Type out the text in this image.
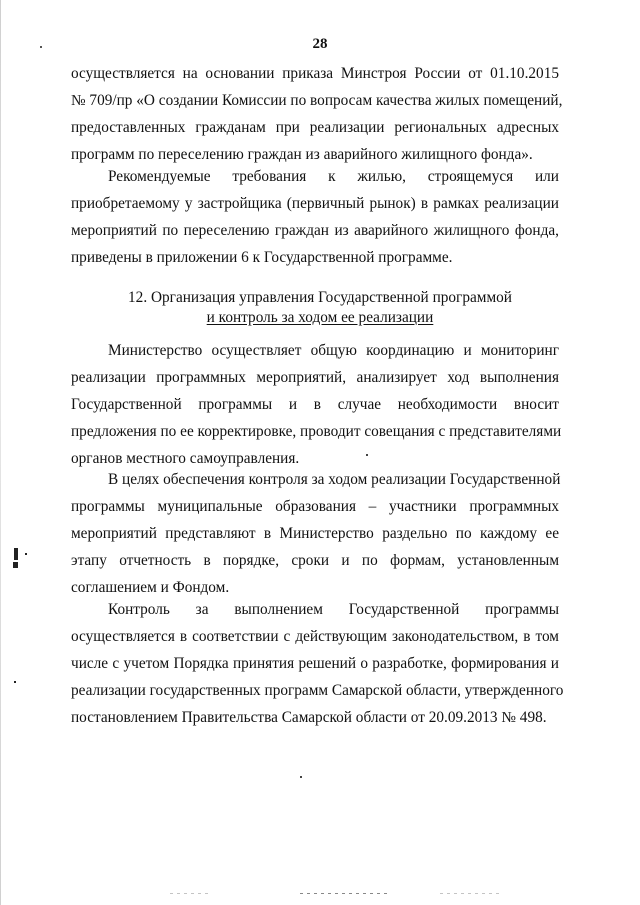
28
осуществляется на основании приказа Минстроя России от 01.10.2015
№ 709/пр «О создании Комиссии по вопросам качества жилых помещений,
предоставленных гражданам при реализации региональных адресных
программ по переселению граждан из аварийного жилищного фонда».
Рекомендуемые требования к жилью, строящемуся или
приобретаемому у застройщика (первичный рынок) в рамках реализации
мероприятий по переселению граждан из аварийного жилищного фонда,
приведены в приложении 6 к Государственной программе.
12. Организация управления Государственной программой
и контроль за ходом ее реализации
Министерство осуществляет общую координацию и мониторинг
реализации программных мероприятий, анализирует ход выполнения
Государственной программы и в случае необходимости вносит
предложения по ее корректировке, проводит совещания с представителями
органов местного самоуправления.
В целях обеспечения контроля за ходом реализации Государственной
программы муниципальные образования – участники программных
мероприятий представляют в Министерство раздельно по каждому ее
этапу отчетность в порядке, сроки и по формам, установленным
соглашением и Фондом.
Контроль за выполнением Государственной программы
осуществляется в соответствии с действующим законодательством, в том
числе с учетом Порядка принятия решений о разработке, формирования и
реализации государственных программ Самарской области, утвержденного
постановлением Правительства Самарской области от 20.09.2013 № 498.
